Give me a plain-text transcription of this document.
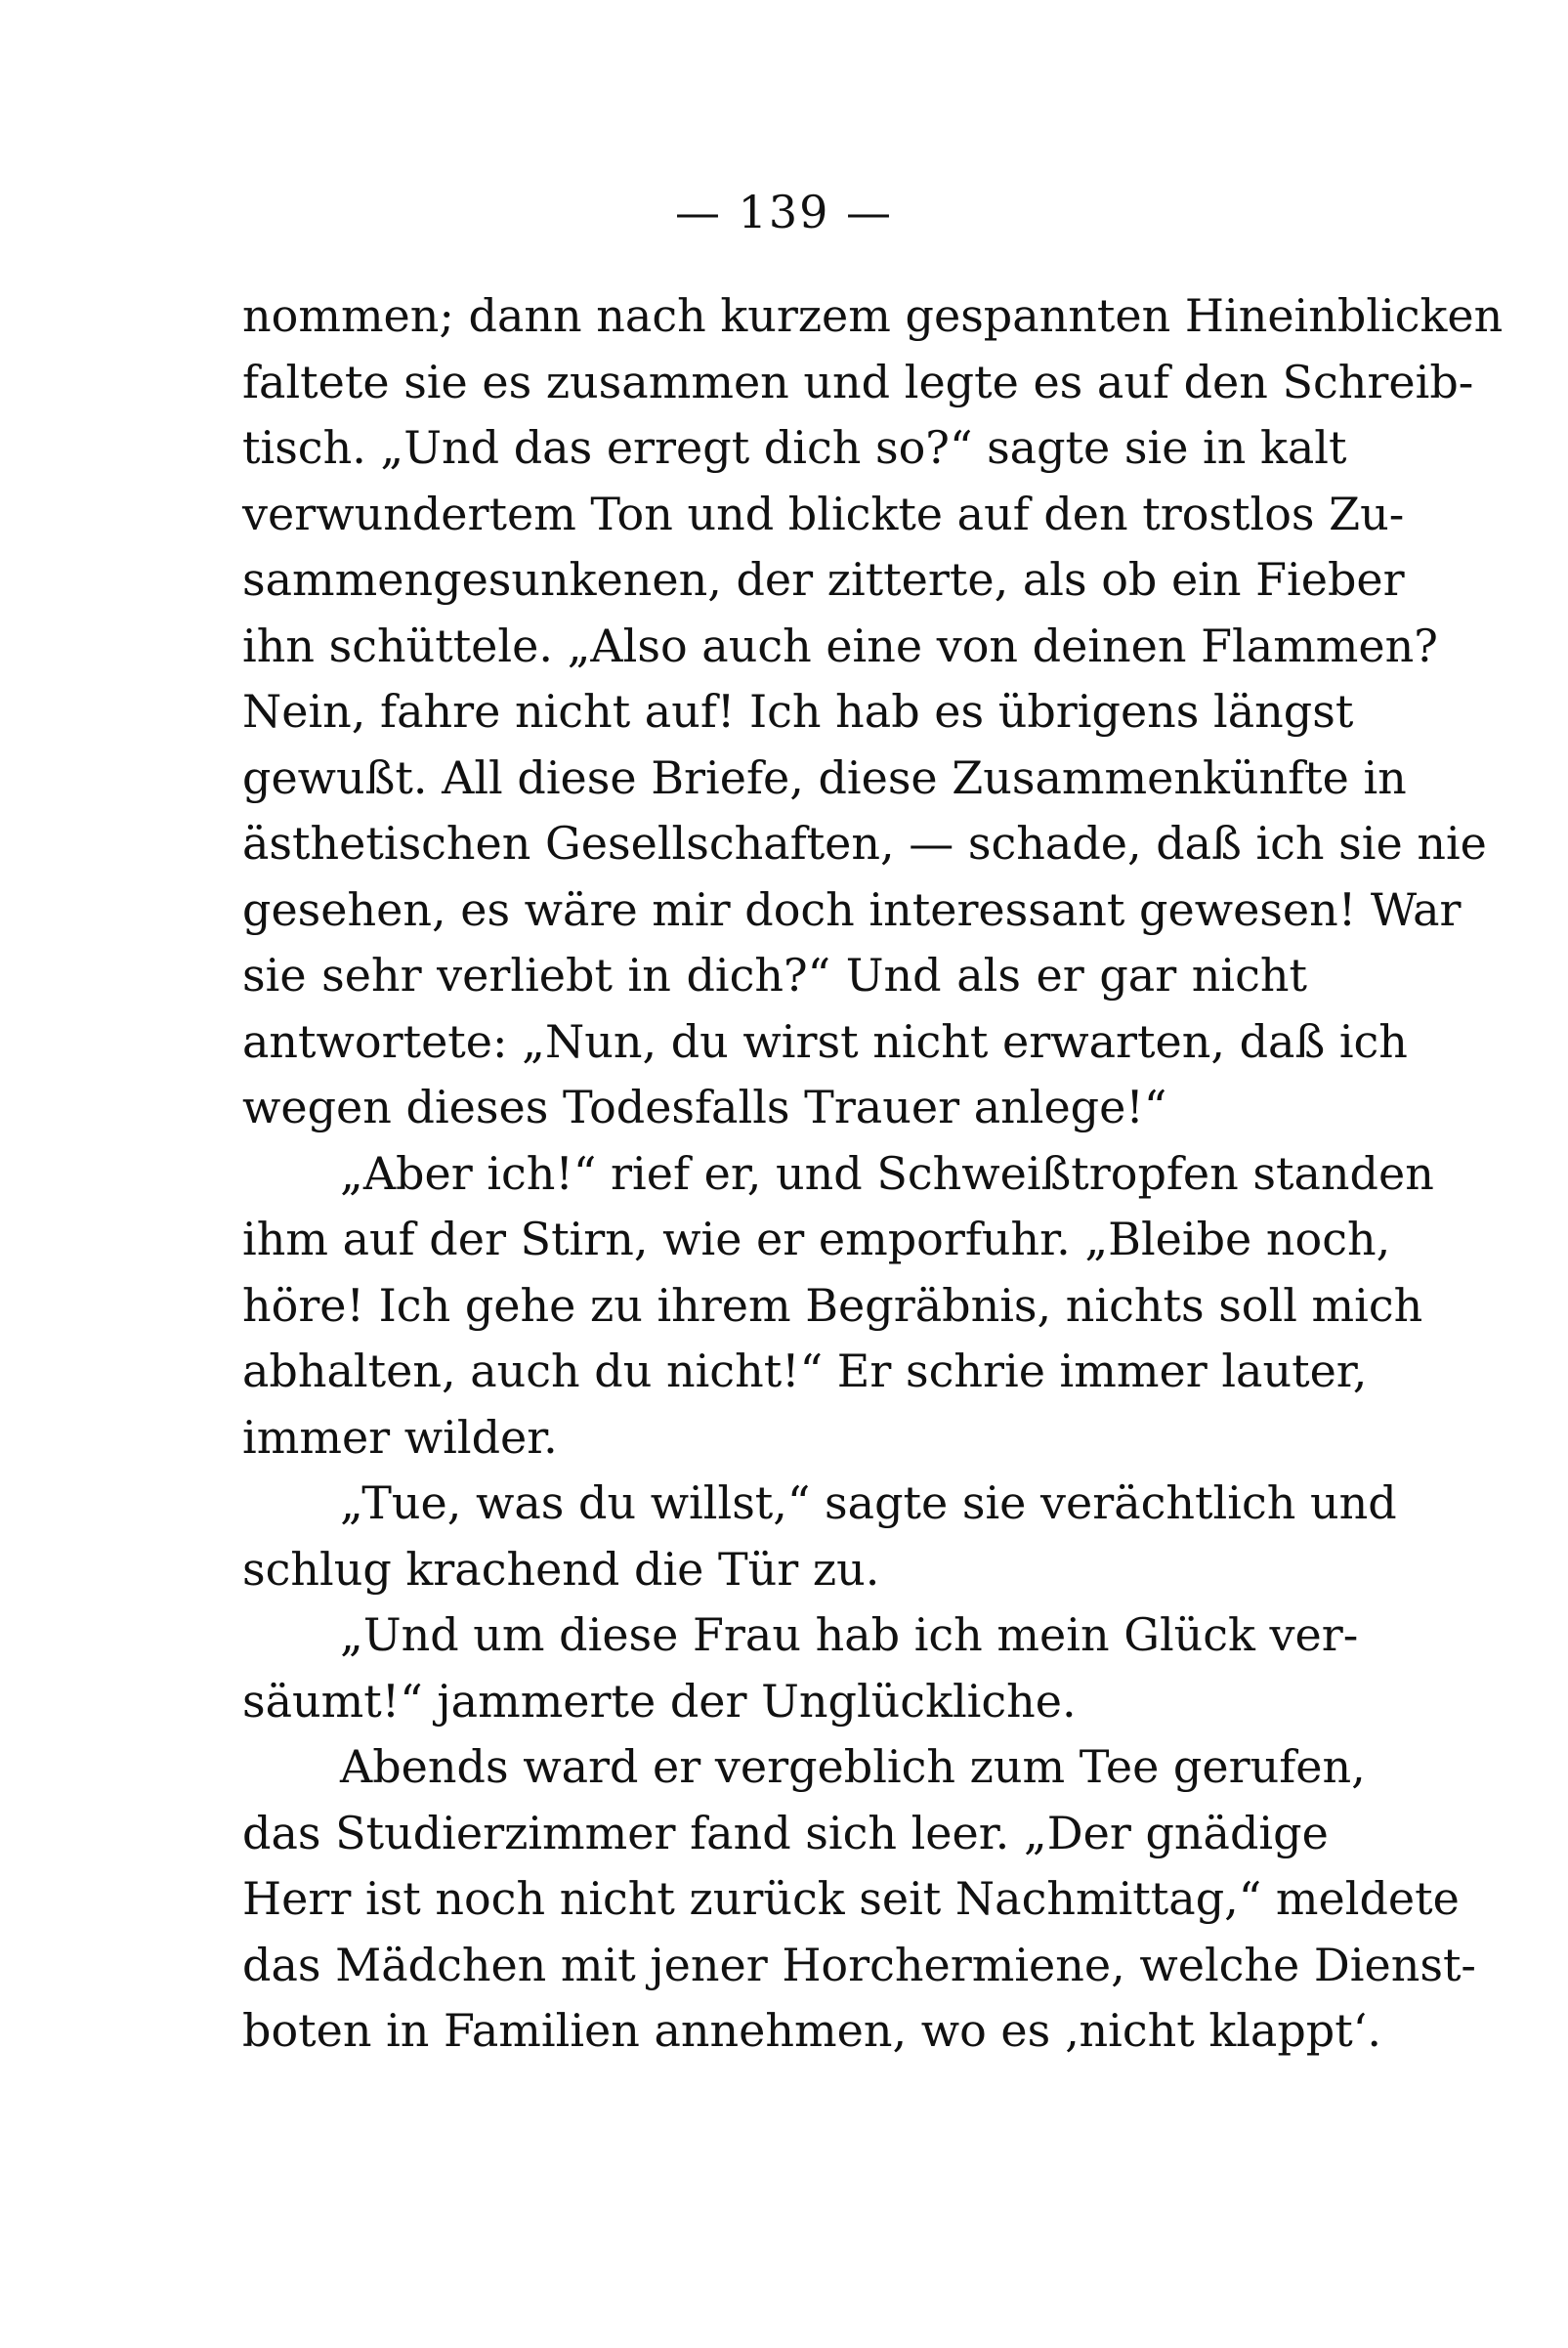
— 139 —
nommen; dann nach kurzem gespannten Hineinblicken
faltete sie es zusammen und legte es auf den Schreib-
tisch. „Und das erregt dich so?“ sagte sie in kalt
verwundertem Ton und blickte auf den trostlos Zu-
sammengesunkenen, der zitterte, als ob ein Fieber
ihn schüttele. „Also auch eine von deinen Flammen?
Nein, fahre nicht auf! Ich hab es übrigens längst
gewußt. All diese Briefe, diese Zusammenkünfte in
ästhetischen Gesellschaften, — schade, daß ich sie nie
gesehen, es wäre mir doch interessant gewesen! War
sie sehr verliebt in dich?“ Und als er gar nicht
antwortete: „Nun, du wirst nicht erwarten, daß ich
wegen dieses Todesfalls Trauer anlege!“
„Aber ich!“ rief er, und Schweißtropfen standen
ihm auf der Stirn, wie er emporfuhr. „Bleibe noch,
höre! Ich gehe zu ihrem Begräbnis, nichts soll mich
abhalten, auch du nicht!“ Er schrie immer lauter,
immer wilder.
„Tue, was du willst,“ sagte sie verächtlich und
schlug krachend die Tür zu.
„Und um diese Frau hab ich mein Glück ver-
säumt!“ jammerte der Unglückliche.
Abends ward er vergeblich zum Tee gerufen,
das Studierzimmer fand sich leer. „Der gnädige
Herr ist noch nicht zurück seit Nachmittag,“ meldete
das Mädchen mit jener Horchermiene, welche Dienst-
boten in Familien annehmen, wo es ‚nicht klappt‘.
